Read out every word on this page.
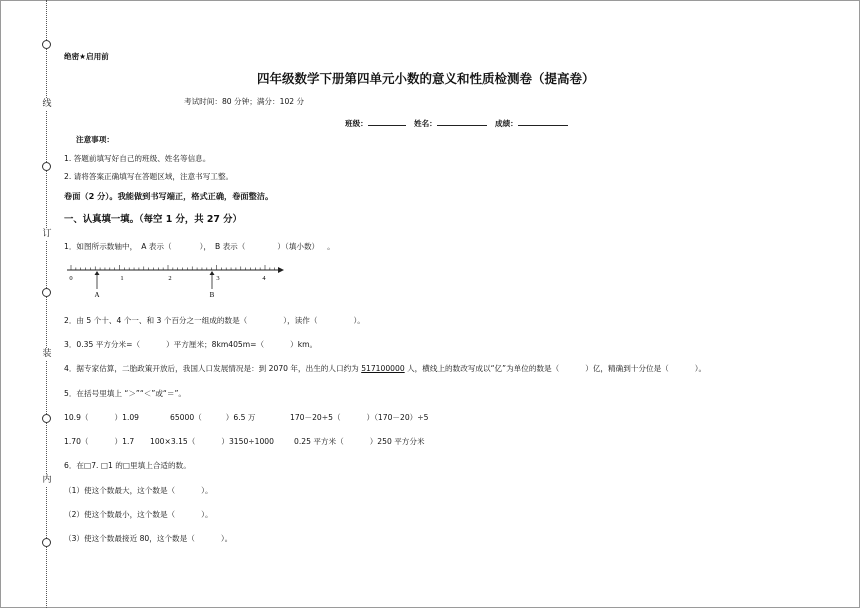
线
订
装
内
绝密★启用前
四年级数学下册第四单元小数的意义和性质检测卷（提高卷）
考试时间：80 分钟；满分：102 分
班级：	姓名：	成绩：
注意事项：
1. 答题前填写好自己的班级、姓名等信息。
2. 请将答案正确填写在答题区域，注意书写工整。
卷面（2 分）。我能做到书写端正，格式正确，卷面整洁。
一、认真填一填。（每空 1 分，共 27 分）
1．如图所示数轴中， A 表示（	）， B 表示（	）（填小数） 。
0	1	2	3	4
A	B
2．由 5 个十、4 个一、和 3 个百分之一组成的数是（	），读作（	）。
3．0.35 平方分米=（	）平方厘米；8km405m=（	）km。
4．据专家估算，二胎政策开放后，我国人口发展情况是：到 2070 年，出生的人口约为 517100000 人，横线上的数改写成以“亿”为单位的数是（	）亿，精确到十分位是（	）。
5．在括号里填上 “＞”“＜”或“＝”。
10.9（	）1.09	65000（	）6.5 万	170－20÷5（	）（170－20）÷5
1.70（	）1.7 100×3.15（	）3150÷1000	0.25 平方米（	）250 平方分米
6．在□7. □1 的□里填上合适的数。
（1）使这个数最大，这个数是（	）。
（2）使这个数最小，这个数是（	）。
（3）使这个数最接近 80，这个数是（	）。
